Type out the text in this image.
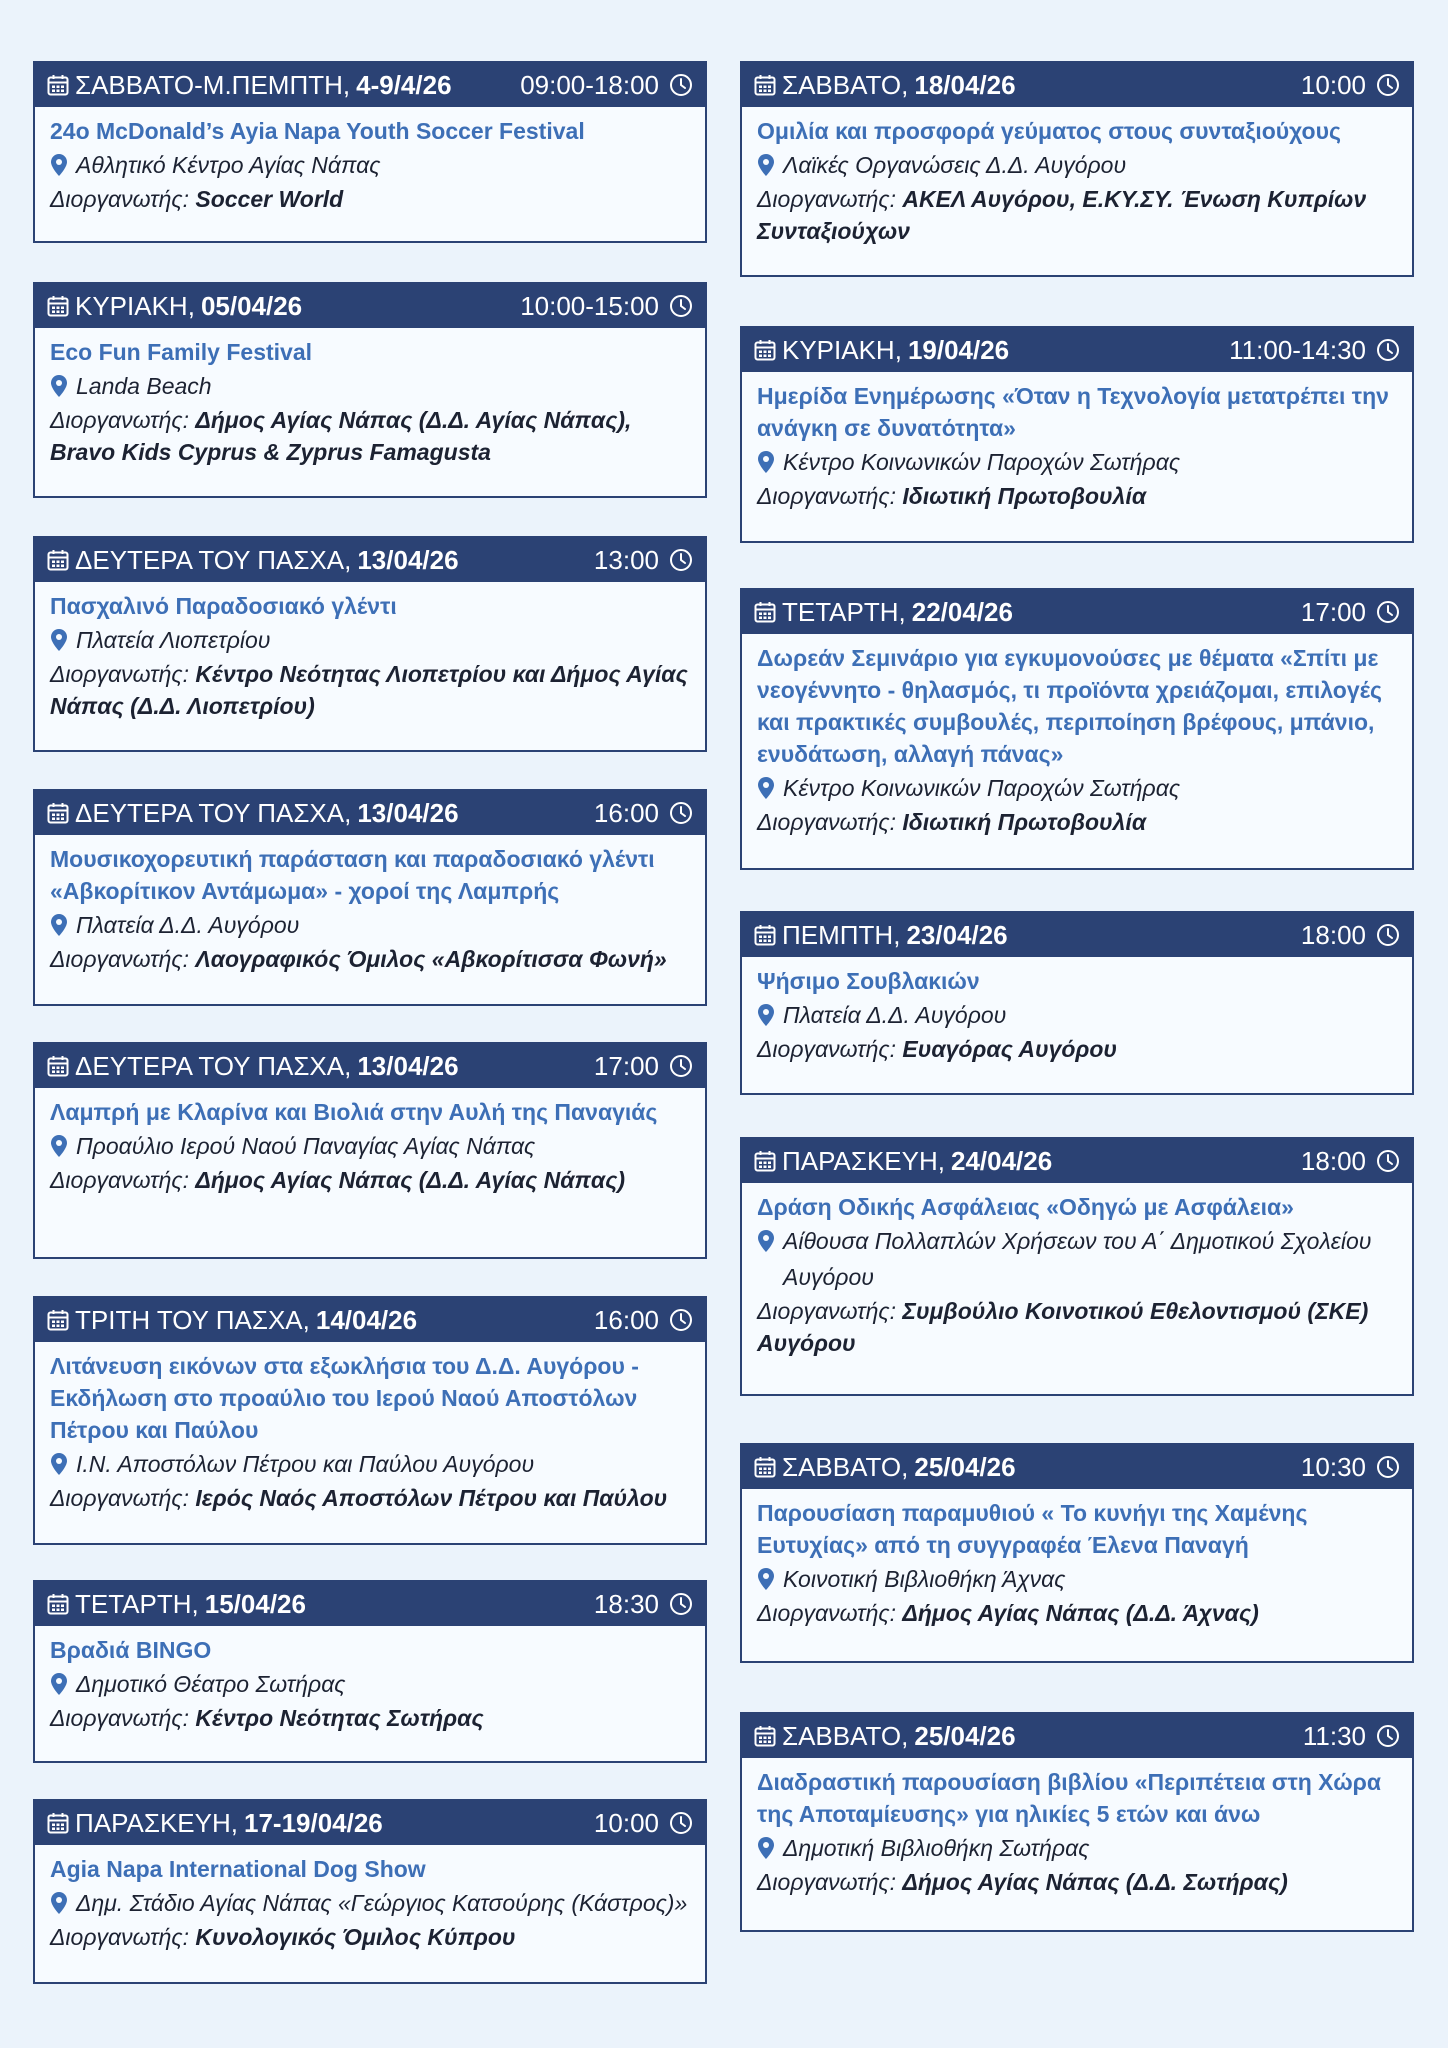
ΣΑΒΒΑΤΟ-Μ.ΠΕΜΠΤΗ, 4-9/4/26	09:00-18:00
24ο McDonald’s Ayia Napa Youth Soccer Festival
Αθλητικό Κέντρο Αγίας Νάπας
Διοργανωτής: Soccer World
ΚΥΡΙΑΚΗ, 05/04/26	10:00-15:00
Eco Fun Family Festival
Landa Beach
Διοργανωτής: Δήμος Αγίας Νάπας (Δ.Δ. Αγίας Νάπας), Bravo Kids Cyprus & Zyprus Famagusta
ΔΕΥΤΕΡΑ ΤΟΥ ΠΑΣΧΑ, 13/04/26	13:00
Πασχαλινό Παραδοσιακό γλέντι
Πλατεία Λιοπετρίου
Διοργανωτής: Κέντρο Νεότητας Λιοπετρίου και Δήμος Αγίας Νάπας (Δ.Δ. Λιοπετρίου)
ΔΕΥΤΕΡΑ ΤΟΥ ΠΑΣΧΑ, 13/04/26	16:00
Μουσικοχορευτική παράσταση και παραδοσιακό γλέντι «Αβκορίτικον Αντάμωμα» - χοροί της Λαμπρής
Πλατεία Δ.Δ. Αυγόρου
Διοργανωτής: Λαογραφικός Όμιλος «Αβκορίτισσα Φωνή»
ΔΕΥΤΕΡΑ ΤΟΥ ΠΑΣΧΑ, 13/04/26	17:00
Λαμπρή με Κλαρίνα και Βιολιά στην Αυλή της Παναγιάς
Προαύλιο Ιερού Ναού Παναγίας Αγίας Νάπας
Διοργανωτής: Δήμος Αγίας Νάπας (Δ.Δ. Αγίας Νάπας)
ΤΡΙΤΗ ΤΟΥ ΠΑΣΧΑ, 14/04/26	16:00
Λιτάνευση εικόνων στα εξωκλήσια του Δ.Δ. Αυγόρου - Εκδήλωση στο προαύλιο του Ιερού Ναού Αποστόλων Πέτρου και Παύλου
Ι.Ν. Αποστόλων Πέτρου και Παύλου Αυγόρου
Διοργανωτής: Ιερός Ναός Αποστόλων Πέτρου και Παύλου
ΤΕΤΑΡΤΗ, 15/04/26	18:30
Βραδιά BINGO
Δημοτικό Θέατρο Σωτήρας
Διοργανωτής: Κέντρο Νεότητας Σωτήρας
ΠΑΡΑΣΚΕΥΗ, 17-19/04/26	10:00
Agia Napa International Dog Show
Δημ. Στάδιο Αγίας Νάπας «Γεώργιος Κατσούρης (Κάστρος)»
Διοργανωτής: Κυνολογικός Όμιλος Κύπρου
ΣΑΒΒΑΤΟ, 18/04/26	10:00
Ομιλία και προσφορά γεύματος στους συνταξιούχους
Λαϊκές Οργανώσεις Δ.Δ. Αυγόρου
Διοργανωτής: ΑΚΕΛ Αυγόρου, Ε.ΚΥ.ΣΥ. Ένωση Κυπρίων Συνταξιούχων
ΚΥΡΙΑΚΗ, 19/04/26	11:00-14:30
Ημερίδα Ενημέρωσης «Όταν η Τεχνολογία μετατρέπει την ανάγκη σε δυνατότητα»
Κέντρο Κοινωνικών Παροχών Σωτήρας
Διοργανωτής: Ιδιωτική Πρωτοβουλία
ΤΕΤΑΡΤΗ, 22/04/26	17:00
Δωρεάν Σεμινάριο για εγκυμονούσες με θέματα «Σπίτι με νεογέννητο - θηλασμός, τι προϊόντα χρειάζομαι, επιλογές και πρακτικές συμβουλές, περιποίηση βρέφους, μπάνιο, ενυδάτωση, αλλαγή πάνας»
Κέντρο Κοινωνικών Παροχών Σωτήρας
Διοργανωτής: Ιδιωτική Πρωτοβουλία
ΠΕΜΠΤΗ, 23/04/26	18:00
Ψήσιμο Σουβλακιών
Πλατεία Δ.Δ. Αυγόρου
Διοργανωτής: Ευαγόρας Αυγόρου
ΠΑΡΑΣΚΕΥΗ, 24/04/26	18:00
Δράση Οδικής Ασφάλειας «Οδηγώ με Ασφάλεια»
Αίθουσα Πολλαπλών Χρήσεων του Α΄ Δημοτικού Σχολείου Αυγόρου
Διοργανωτής: Συμβούλιο Κοινοτικού Εθελοντισμού (ΣΚΕ) Αυγόρου
ΣΑΒΒΑΤΟ, 25/04/26	10:30
Παρουσίαση παραμυθιού « Το κυνήγι της Χαμένης Ευτυχίας» από τη συγγραφέα Έλενα Παναγή
Κοινοτική Βιβλιοθήκη Άχνας
Διοργανωτής: Δήμος Αγίας Νάπας (Δ.Δ. Άχνας)
ΣΑΒΒΑΤΟ, 25/04/26	11:30
Διαδραστική παρουσίαση βιβλίου «Περιπέτεια στη Χώρα της Αποταμίευσης» για ηλικίες 5 ετών και άνω
Δημοτική Βιβλιοθήκη Σωτήρας
Διοργανωτής: Δήμος Αγίας Νάπας (Δ.Δ. Σωτήρας)
